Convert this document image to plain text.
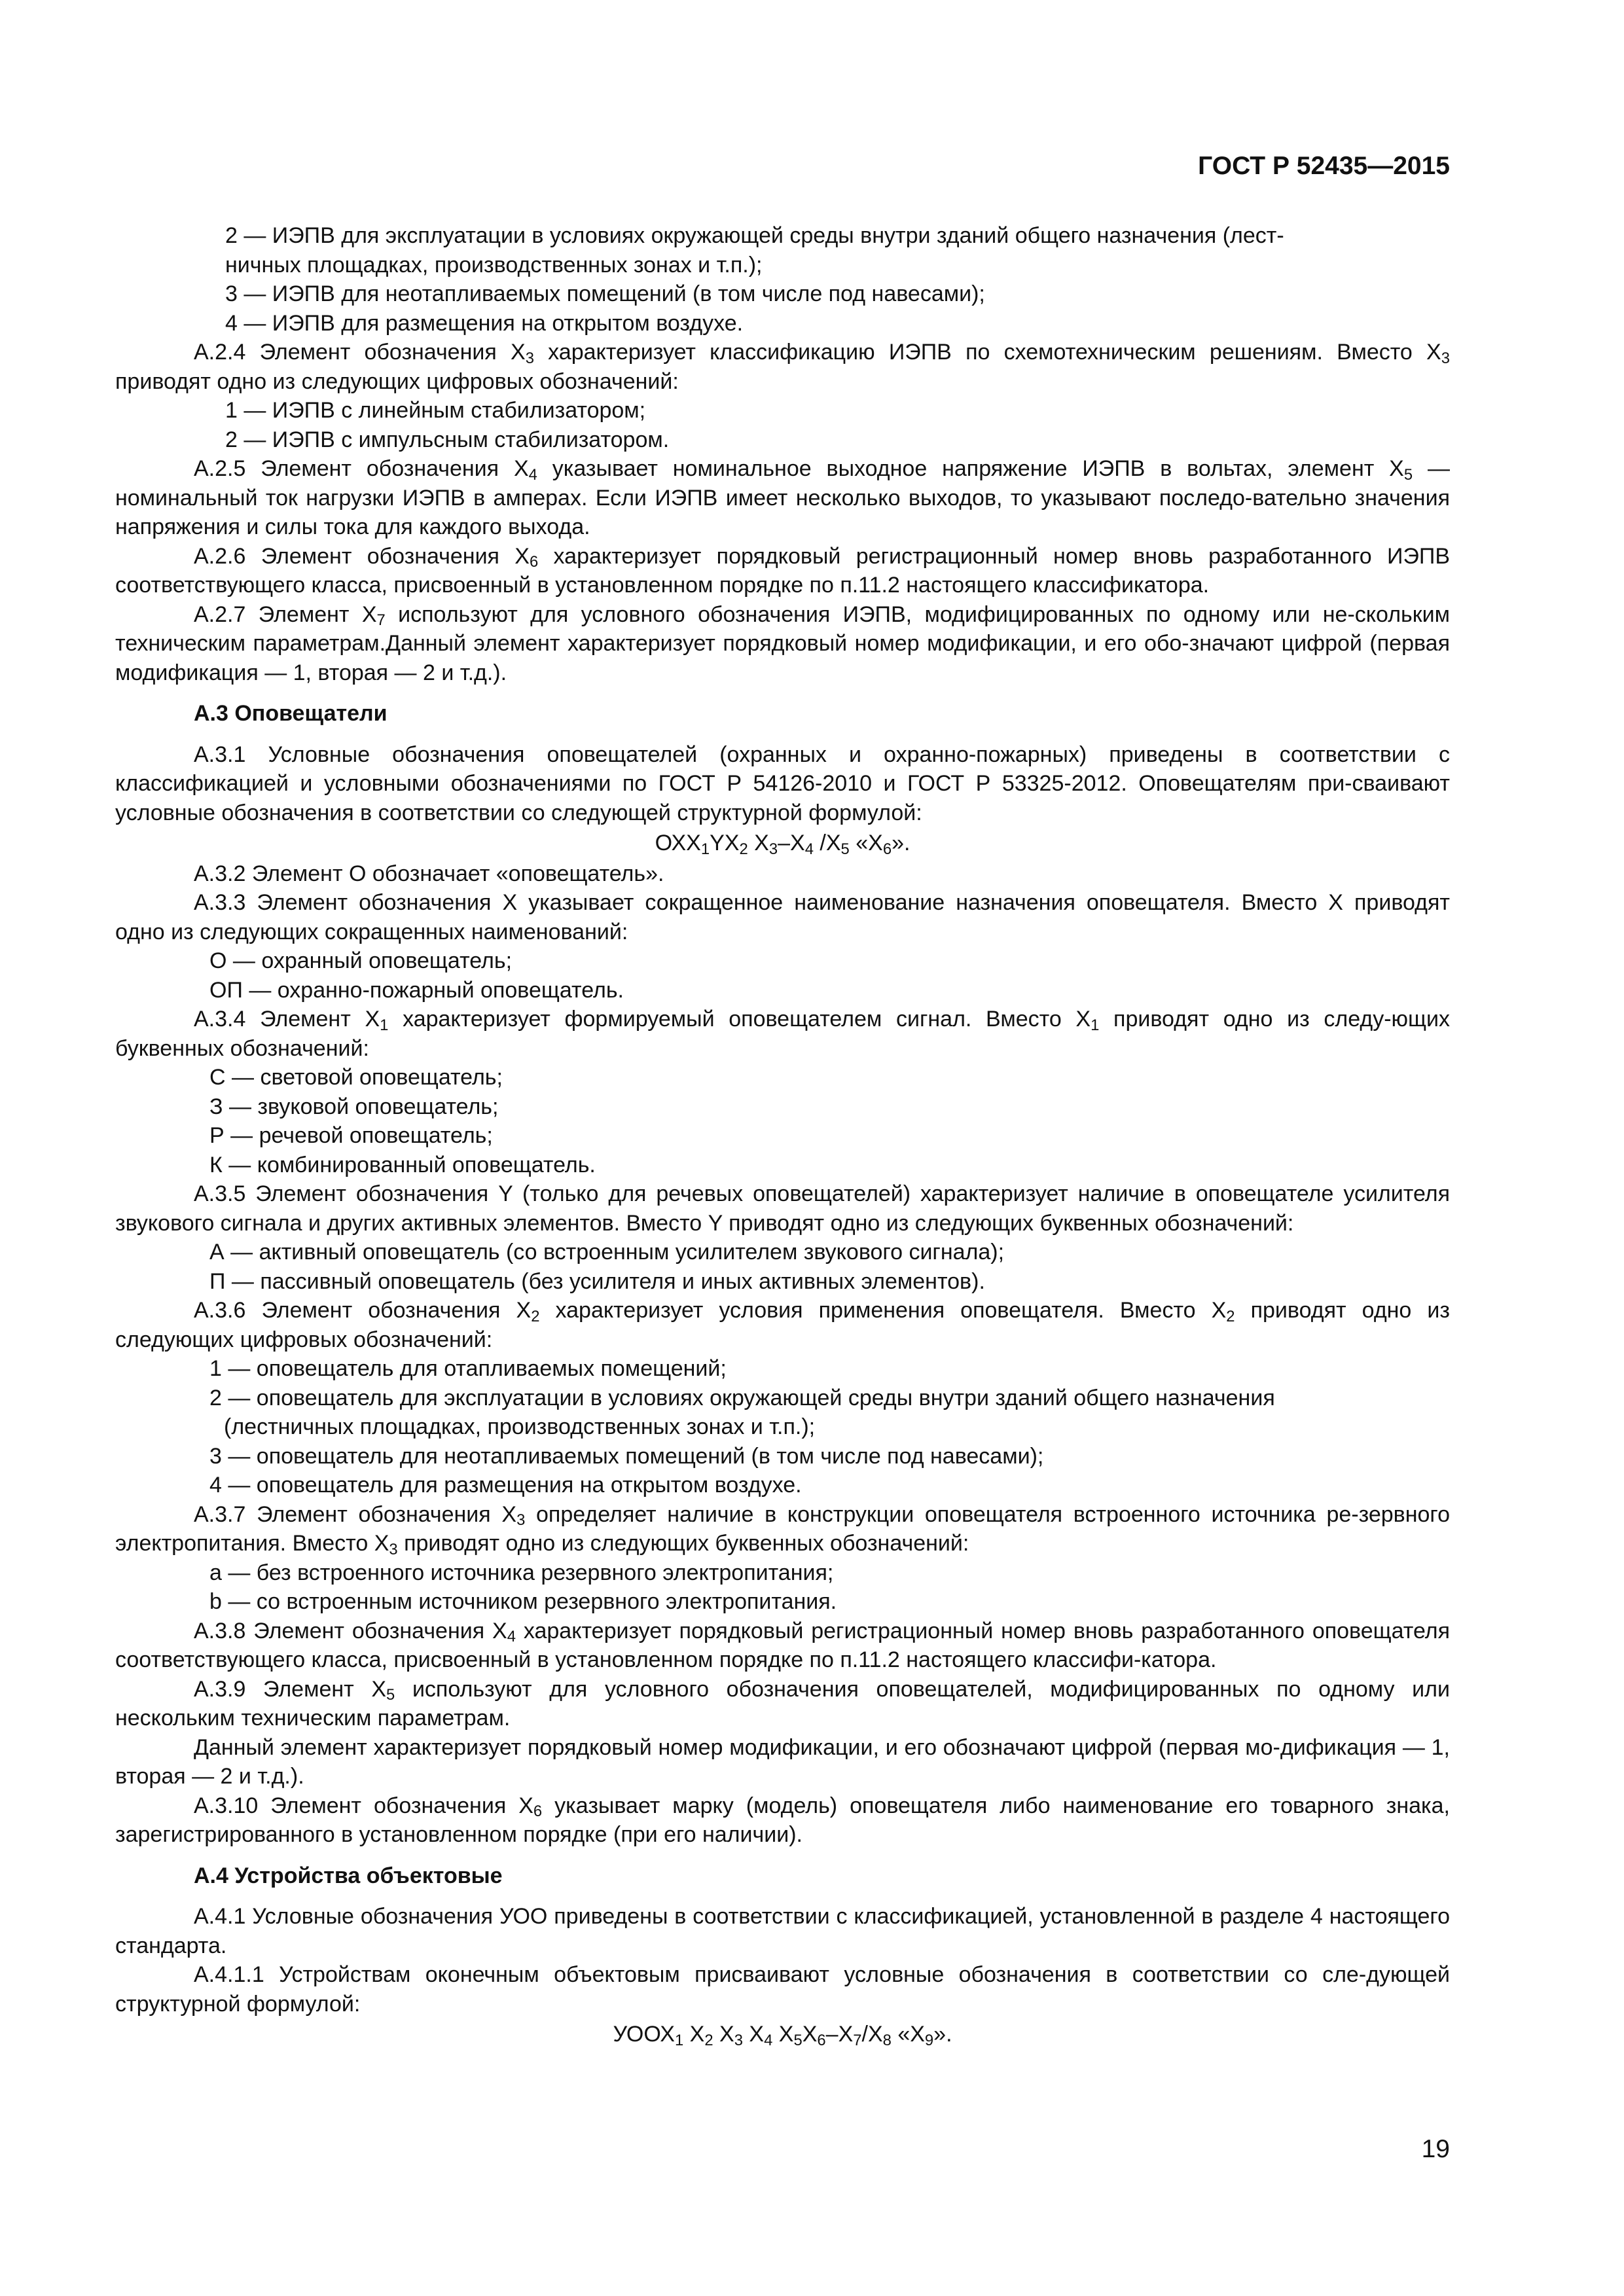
ГОСТ Р 52435—2015

2 — ИЭПВ для эксплуатации в условиях окружающей среды внутри зданий общего назначения (лест-
ничных площадках, производственных зонах и т.п.);

3 — ИЭПВ для неотапливаемых помещений (в том числе под навесами);

4 — ИЭПВ для размещения на открытом воздухе.

А.2.4 Элемент обозначения $Х_3$ характеризует классификацию ИЭПВ по схемотехническим решениям. Вместо $Х_3$ приводят одно из следующих цифровых обозначений:

1 — ИЭПВ с линейным стабилизатором;

2 — ИЭПВ с импульсным стабилизатором.

А.2.5 Элемент обозначения $Х_4$ указывает номинальное выходное напряжение ИЭПВ в вольтах, элемент $Х_5$ — номинальный ток нагрузки ИЭПВ в амперах. Если ИЭПВ имеет несколько выходов, то указывают последо-вательно значения напряжения и силы тока для каждого выхода.

А.2.6 Элемент обозначения $Х_6$ характеризует порядковый регистрационный номер вновь разработанного ИЭПВ соответствующего класса, присвоенный в установленном порядке по п.11.2 настоящего классификатора.

А.2.7 Элемент $Х_7$ используют для условного обозначения ИЭПВ, модифицированных по одному или не-скольким техническим параметрам.Данный элемент характеризует порядковый номер модификации, и его обо-значают цифрой (первая модификация — 1, вторая — 2 и т.д.).

А.3 Оповещатели

А.3.1 Условные обозначения оповещателей (охранных и охранно-пожарных) приведены в соответствии с классификацией и условными обозначениями по ГОСТ Р 54126-2010 и ГОСТ Р 53325-2012. Оповещателям при-сваивают условные обозначения в соответствии со следующей структурной формулой:

$ОХХ_1YХ_2$ $Х_3-Х_4$ $/Х_5$ «$Х_6$».

А.3.2 Элемент О обозначает «оповещатель».

А.3.3 Элемент обозначения Х указывает сокращенное наименование назначения оповещателя. Вместо Х приводят одно из следующих сокращенных наименований:

О — охранный оповещатель;

ОП — охранно-пожарный оповещатель.

А.3.4 Элемент $Х_1$ характеризует формируемый оповещателем сигнал. Вместо $Х_1$ приводят одно из следу-ющих буквенных обозначений:

С — световой оповещатель;

З — звуковой оповещатель;

Р — речевой оповещатель;

К — комбинированный оповещатель.

А.3.5 Элемент обозначения Y (только для речевых оповещателей) характеризует наличие в оповещателе усилителя звукового сигнала и других активных элементов. Вместо Y приводят одно из следующих буквенных обозначений:

А — активный оповещатель (со встроенным усилителем звукового сигнала);

П — пассивный оповещатель (без усилителя и иных активных элементов).

А.3.6 Элемент обозначения $Х_2$ характеризует условия применения оповещателя. Вместо $Х_2$ приводят одно из следующих цифровых обозначений:

1 — оповещатель для отапливаемых помещений;

2 — оповещатель для эксплуатации в условиях окружающей среды внутри зданий общего назначения
(лестничных площадках, производственных зонах и т.п.);

3 — оповещатель для неотапливаемых помещений (в том числе под навесами);

4 — оповещатель для размещения на открытом воздухе.

А.3.7 Элемент обозначения $Х_3$ определяет наличие в конструкции оповещателя встроенного источника ре-зервного электропитания. Вместо $Х_3$ приводят одно из следующих буквенных обозначений:

a — без встроенного источника резервного электропитания;

b — со встроенным источником резервного электропитания.

А.3.8 Элемент обозначения $Х_4$ характеризует порядковый регистрационный номер вновь разработанного оповещателя соответствующего класса, присвоенный в установленном порядке по п.11.2 настоящего классифи-катора.

А.3.9 Элемент $Х_5$ используют для условного обозначения оповещателей, модифицированных по одному или нескольким техническим параметрам.

Данный элемент характеризует порядковый номер модификации, и его обозначают цифрой (первая мо-дификация — 1, вторая — 2 и т.д.).

А.3.10 Элемент обозначения $Х_6$ указывает марку (модель) оповещателя либо наименование его товарного знака, зарегистрированного в установленном порядке (при его наличии).

А.4 Устройства объектовые

А.4.1 Условные обозначения УОО приведены в соответствии с классификацией, установленной в разделе 4 настоящего стандарта.

А.4.1.1 Устройствам оконечным объектовым присваивают условные обозначения в соответствии со сле-дующей структурной формулой:

$УООХ_1$ $Х_2$ $Х_3$ $Х_4$ $Х_5Х_6-Х_7/Х_8$ «$Х_9$».

19
